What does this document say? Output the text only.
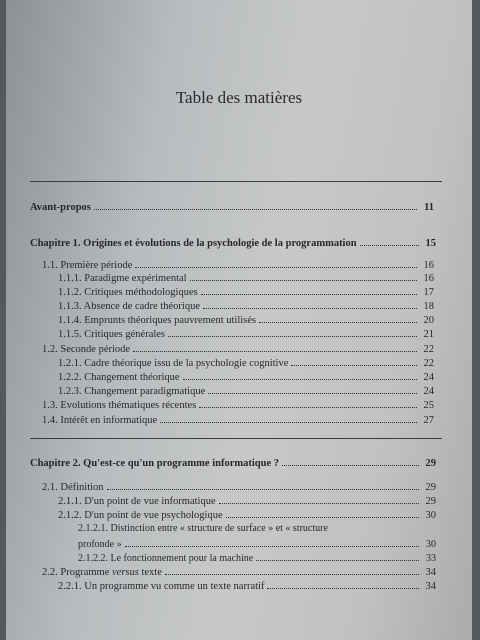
Table des matières
Avant-propos	11
Chapitre 1. Origines et évolutions de la psychologie de la programmation	15
1.1. Première période	16
1.1.1. Paradigme expérimental	16
1.1.2. Critiques méthodologiques	17
1.1.3. Absence de cadre théorique	18
1.1.4. Emprunts théoriques pauvrement utilisés	20
1.1.5. Critiques générales	21
1.2. Seconde période	22
1.2.1. Cadre théorique issu de la psychologie cognitive	22
1.2.2. Changement théorique	24
1.2.3. Changement paradigmatique	24
1.3. Evolutions thématiques récentes	25
1.4. Intérêt en informatique	27
Chapitre 2. Qu'est-ce qu'un programme informatique ?	29
2.1. Définition	29
2.1.1. D'un point de vue informatique	29
2.1.2. D'un point de vue psychologique	30
2.1.2.1. Distinction entre « structure de surface » et « structure
profonde »	30
2.1.2.2. Le fonctionnement pour la machine	33
2.2. Programme versus texte	34
2.2.1. Un programme vu comme un texte narratif	34
